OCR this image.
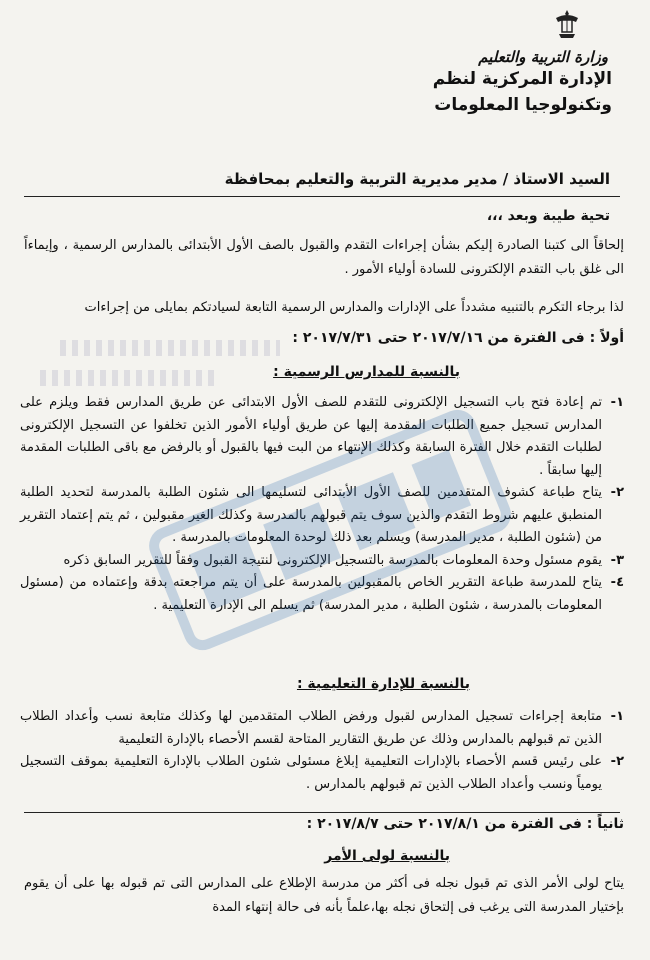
وزارة التربية والتعليم
الإدارة المركزية لنظم
وتكنولوجيا المعلومات
السيد الاستاذ / مدير مديرية التربية والتعليم بمحافظة
تحية طيبة وبعد ،،،
إلحاقاً الى كتبنا الصادرة إليكم بشأن إجراءات التقدم والقبول بالصف الأول الأبتدائى بالمدارس الرسمية ، وإيماءاً الى غلق باب التقدم الإلكترونى للسادة أولياء الأمور .
لذا برجاء التكرم بالتنبيه مشدداً على الإدارات والمدارس الرسمية التابعة لسيادتكم بمايلى من إجراءات
أولاً : فى الفترة من ٢٠١٧/٧/١٦ حتى ٢٠١٧/٧/٣١ :
بالنسبة للمدارس الرسمية :
١-
تم إعادة فتح باب التسجيل الإلكترونى للتقدم للصف الأول الابتدائى عن طريق المدارس فقط ويلزم على المدارس تسجيل جميع الطلبات المقدمة إليها عن طريق أولياء الأمور الذين تخلفوا عن التسجيل الإلكترونى لطلبات التقدم خلال الفترة السابقة وكذلك الإنتهاء من البت فيها بالقبول أو بالرفض مع باقى الطلبات المقدمة إليها سابقاً .
٢-
يتاح طباعة كشوف المتقدمين للصف الأول الأبتدائى لتسليمها الى شئون الطلبة بالمدرسة لتحديد الطلبة المنطبق عليهم شروط التقدم والذين سوف يتم قبولهم بالمدرسة وكذلك الغير مقبولين ، ثم يتم إعتماد التقرير من (شئون الطلبة ، مدير المدرسة) ويسلم بعد ذلك لوحدة المعلومات بالمدرسة .
٣-
يقوم مسئول وحدة المعلومات بالمدرسة بالتسجيل الإلكترونى لنتيجة القبول وفقاً للتقرير السابق ذكره
٤-
يتاح للمدرسة طباعة التقرير الخاص بالمقبولين بالمدرسة على أن يتم مراجعته بدقة وإعتماده من (مسئول المعلومات بالمدرسة ، شئون الطلبة ، مدير المدرسة) ثم يسلم الى الإدارة التعليمية .
بالنسبة للإدارة التعليمية :
١-
متابعة إجراءات تسجيل المدارس لقبول ورفض الطلاب المتقدمين لها وكذلك متابعة نسب وأعداد الطلاب الذين تم قبولهم بالمدارس وذلك عن طريق التقارير المتاحة لقسم الأحصاء بالإدارة التعليمية
٢-
على رئيس قسم الأحصاء بالإدارات التعليمية إبلاغ مسئولى شئون الطلاب بالإدارة التعليمية بموقف التسجيل يومياً ونسب وأعداد الطلاب الذين تم قبولهم بالمدارس .
ثانياً : فى الفترة من ٢٠١٧/٨/١ حتى ٢٠١٧/٨/٧ :
بالنسبة لولى الأمر
يتاح لولى الأمر الذى تم قبول نجله فى أكثر من مدرسة الإطلاع على المدارس التى تم قبوله بها على أن يقوم بإختيار المدرسة التى يرغب فى إلتحاق نجله بها،علماً بأنه فى حالة إنتهاء المدة
